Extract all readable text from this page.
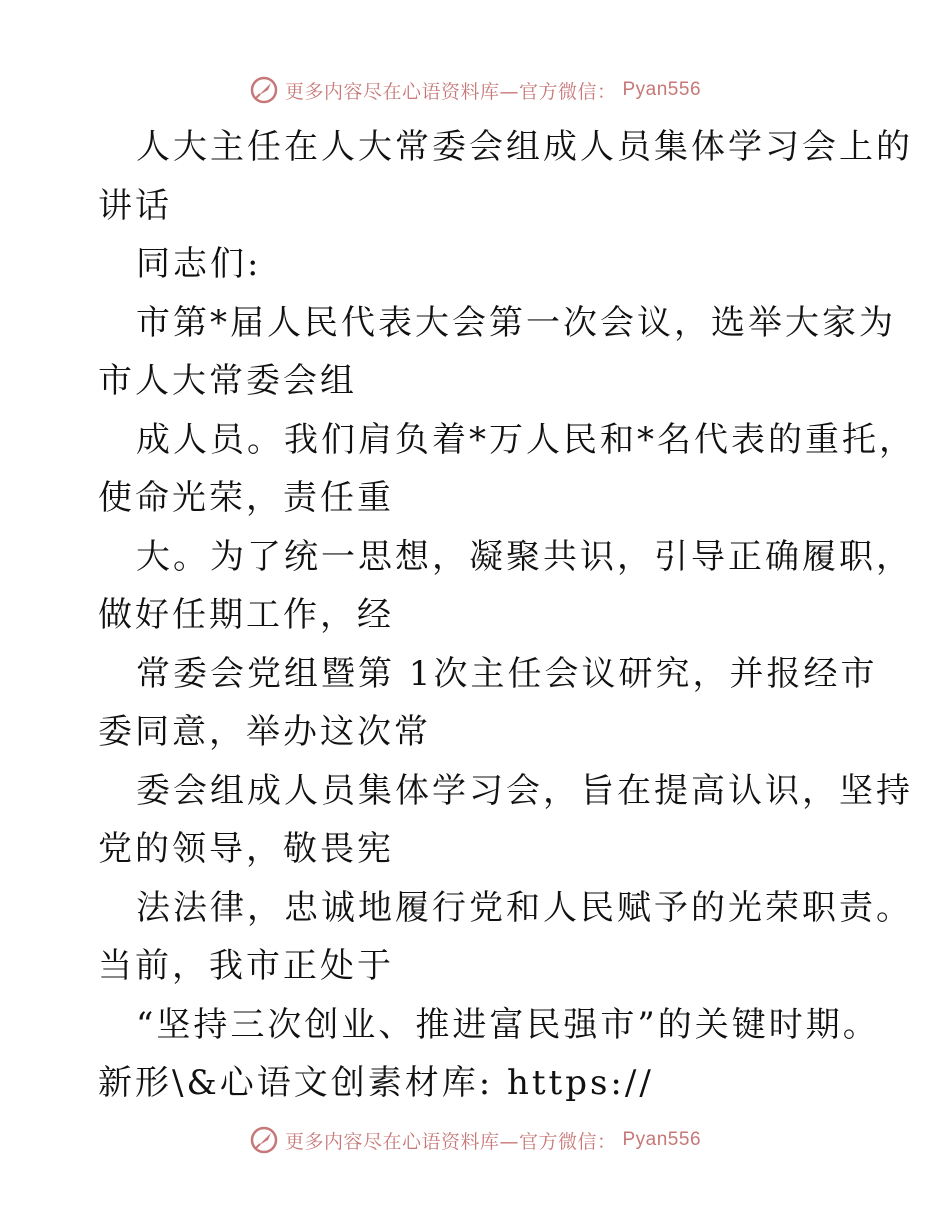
更多内容尽在心语资料库—官方微信： Pyan556
人大主任在人大常委会组成人员集体学习会上的
讲话
同志们:
市第*届人民代表大会第一次会议，选举大家为
市人大常委会组
成人员。我们肩负着*万人民和*名代表的重托，
使命光荣，责任重
大。为了统一思想，凝聚共识，引导正确履职，
做好任期工作，经
常委会党组暨第 1次主任会议研究，并报经市
委同意，举办这次常
委会组成人员集体学习会，旨在提高认识，坚持
党的领导，敬畏宪
法法律，忠诚地履行党和人民赋予的光荣职责。
当前，我市正处于
“坚持三次创业、推进富民强市”的关键时期。
新形\&心语文创素材库: https://
更多内容尽在心语资料库—官方微信： Pyan556
